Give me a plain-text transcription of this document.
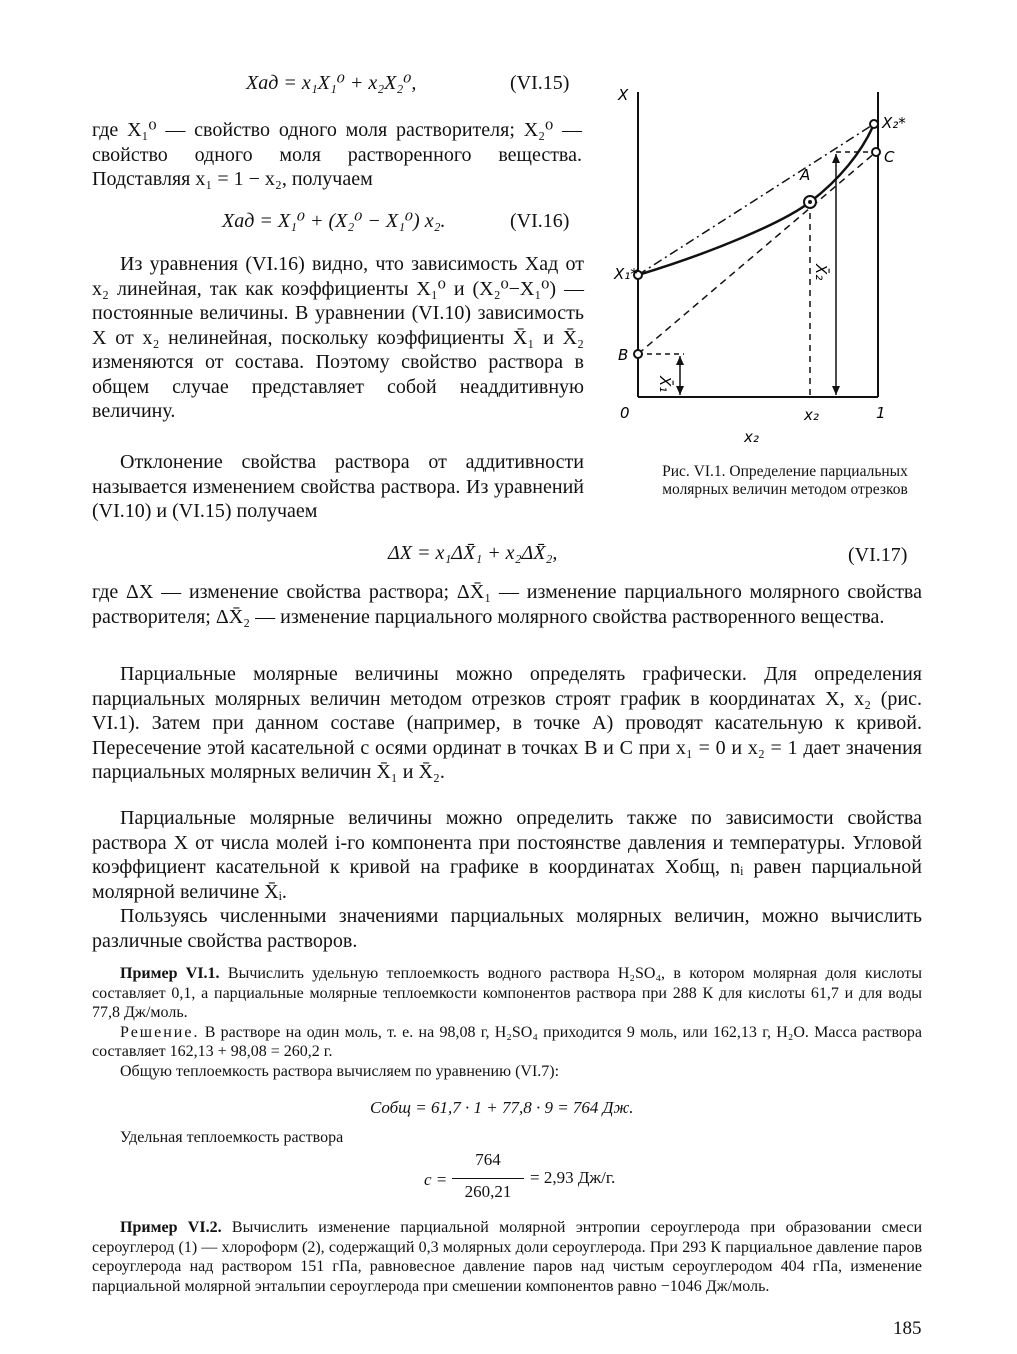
Xад = x₁X₁⁰ + x₂X₂⁰,	(VI.15)

где X₁⁰ — свойство одного моля растворителя; X₂⁰ — свойство одного моля растворенного вещества. Подставляя x₁ = 1 − x₂, получаем

Xад = X₁⁰ + (X₂⁰ − X₁⁰) x₂.	(VI.16)

Из уравнения (VI.16) видно, что зависимость Xад от x₂ линейная, так как коэффициенты X₁⁰ и (X₂⁰−X₁⁰) — постоянные величины. В уравнении (VI.10) зависимость X от x₂ нелинейная, поскольку коэффициенты X̄₁ и X̄₂ изменяются от состава. Поэтому свойство раствора в общем случае представляет собой неаддитивную величину.

Отклонение свойства раствора от аддитивности называется изменением свойства раствора. Из уравнений (VI.10) и (VI.15) получаем

X
X₁*
B
A
X₂*
C
X̄₁
X̄₂
0	x₂	1
x₂
Рис. VI.1. Определение парциальных молярных величин методом отрезков
ΔX = x₁ΔX̄₁ + x₂ΔX̄₂,	(VI.17)

где ΔX — изменение свойства раствора; ΔX̄₁ — изменение парциального молярного свойства растворителя; ΔX̄₂ — изменение парциального молярного свойства растворенного вещества.

Парциальные молярные величины можно определять графически. Для определения парциальных молярных величин методом отрезков строят график в координатах X, x₂ (рис. VI.1). Затем при данном составе (например, в точке A) проводят касательную к кривой. Пересечение этой касательной с осями ординат в точках B и C при x₁ = 0 и x₂ = 1 дает значения парциальных молярных величин X̄₁ и X̄₂.

Парциальные молярные величины можно определить также по зависимости свойства раствора X от числа молей i-го компонента при постоянстве давления и температуры. Угловой коэффициент касательной к кривой на графике в координатах Xобщ, nᵢ равен парциальной молярной величине X̄ᵢ.

Пользуясь численными значениями парциальных молярных величин, можно вычислить различные свойства растворов.

Пример VI.1. Вычислить удельную теплоемкость водного раствора H₂SO₄, в котором молярная доля кислоты составляет 0,1, а парциальные молярные теплоемкости компонентов раствора при 288 К для кислоты 61,7 и для воды 77,8 Дж/моль.
Решение. В растворе на один моль, т. е. на 98,08 г, H₂SO₄ приходится 9 моль, или 162,13 г, H₂O. Масса раствора составляет 162,13 + 98,08 = 260,2 г.
Общую теплоемкость раствора вычисляем по уравнению (VI.7):
Cобщ = 61,7 · 1 + 77,8 · 9 = 764 Дж.
Удельная теплоемкость раствора
c =
764
260,21
= 2,93 Дж/г.
Пример VI.2. Вычислить изменение парциальной молярной энтропии сероуглерода при образовании смеси сероуглерод (1) — хлороформ (2), содержащий 0,3 молярных доли сероуглерода. При 293 К парциальное давление паров сероуглерода над раствором 151 гПа, равновесное давление паров над чистым сероуглеродом 404 гПа, изменение парциальной молярной энтальпии сероуглерода при смешении компонентов равно −1046 Дж/моль.
185
